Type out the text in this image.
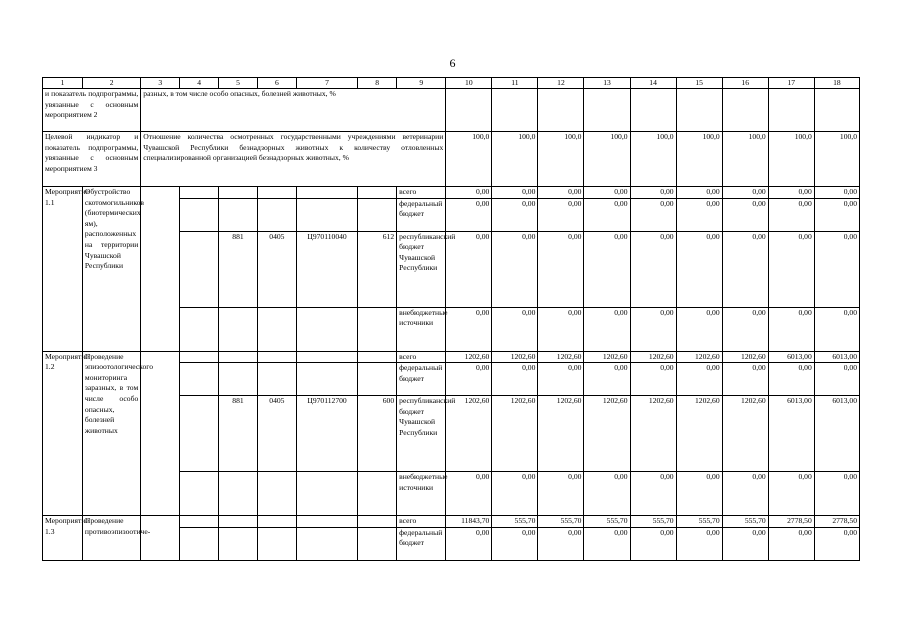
6
1	2	3	4	5	6	7	8	9	10	11	12	13	14	15	16	17	18
и показатель подпрограммы, увязанные с основным мероприятием 2		разных, в том числе особо опасных, болезней животных, %															
Целевой индикатор и показатель подпрограммы, увязанные с основным мероприятием 3		Отношение количества осмотренных государственными учреждениями ветеринарии Чувашской Республики безнадзорных животных к количеству отловленных специализированной организацией безнадзорных животных, %							100,0	100,0	100,0	100,0	100,0	100,0	100,0	100,0	100,0
Мероприятие 1.1	Обустройство скотомогильников (биотермических ям), расположенных на территории Чувашской Республики							всего	0,00	0,00	0,00	0,00	0,00	0,00	0,00	0,00	0,00
								федеральный бюджет	0,00	0,00	0,00	0,00	0,00	0,00	0,00	0,00	0,00
				881	0405	Ц970110040	612	республиканский бюджет Чувашской Республики	0,00	0,00	0,00	0,00	0,00	0,00	0,00	0,00	0,00
								внебюджетные источники	0,00	0,00	0,00	0,00	0,00	0,00	0,00	0,00	0,00
Мероприятие 1.2	Проведение эпизоотологического мониторинга заразных, в том числе особо опасных, болезней животных							всего	1202,60	1202,60	1202,60	1202,60	1202,60	1202,60	1202,60	6013,00	6013,00
								федеральный бюджет	0,00	0,00	0,00	0,00	0,00	0,00	0,00	0,00	0,00
				881	0405	Ц970112700	600	республиканский бюджет Чувашской Республики	1202,60	1202,60	1202,60	1202,60	1202,60	1202,60	1202,60	6013,00	6013,00
								внебюджетные источники	0,00	0,00	0,00	0,00	0,00	0,00	0,00	0,00	0,00
Мероприятие 1.3	Проведение противоэпизоотиче-							всего	11843,70	555,70	555,70	555,70	555,70	555,70	555,70	2778,50	2778,50
								федеральный бюджет	0,00	0,00	0,00	0,00	0,00	0,00	0,00	0,00	0,00
